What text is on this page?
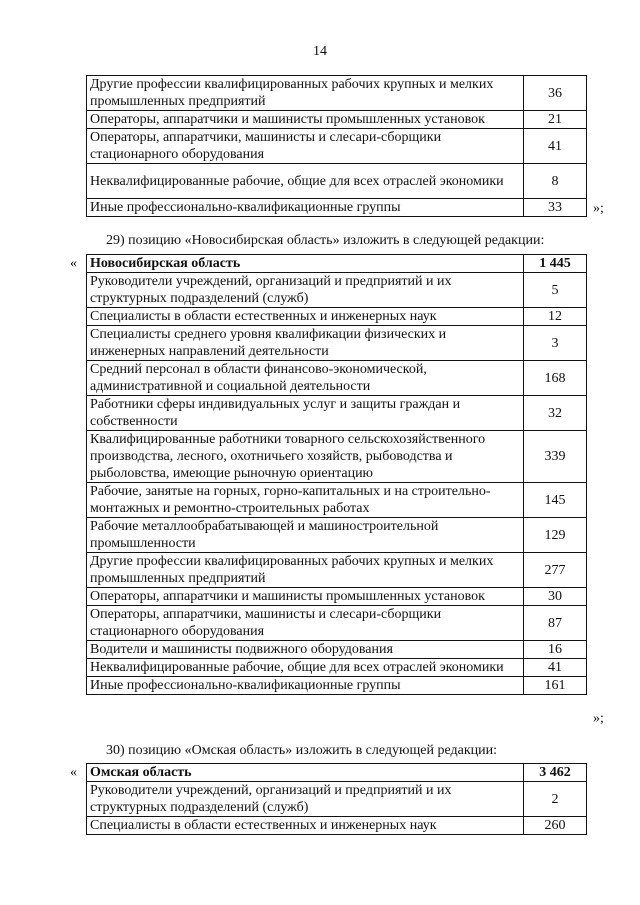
14
Другие профессии квалифицированных рабочих крупных и мелких промышленных предприятий	36
Операторы, аппаратчики и машинисты промышленных установок	21
Операторы, аппаратчики, машинисты и слесари-сборщики стационарного оборудования	41
Неквалифицированные рабочие, общие для всех отраслей экономики	8
Иные профессионально-квалификационные группы	33 »;
29) позицию «Новосибирская область» изложить в следующей редакции:
« Новосибирская область	1 445
Руководители учреждений, организаций и предприятий и их структурных подразделений (служб)	5
Специалисты в области естественных и инженерных наук	12
Специалисты среднего уровня квалификации физических и инженерных направлений деятельности	3
Средний персонал в области финансово-экономической, административной и социальной деятельности	168
Работники сферы индивидуальных услуг и защиты граждан и собственности	32
Квалифицированные работники товарного сельскохозяйственного производства, лесного, охотничьего хозяйств, рыбоводства и рыболовства, имеющие рыночную ориентацию	339
Рабочие, занятые на горных, горно-капитальных и на строительно-монтажных и ремонтно-строительных работах	145
Рабочие металлообрабатывающей и машиностроительной промышленности	129
Другие профессии квалифицированных рабочих крупных и мелких промышленных предприятий	277
Операторы, аппаратчики и машинисты промышленных установок	30
Операторы, аппаратчики, машинисты и слесари-сборщики стационарного оборудования	87
Водители и машинисты подвижного оборудования	16
Неквалифицированные рабочие, общие для всех отраслей экономики	41
Иные профессионально-квалификационные группы	161
»;
30) позицию «Омская область» изложить в следующей редакции:
« Омская область	3 462
Руководители учреждений, организаций и предприятий и их структурных подразделений (служб)	2
Специалисты в области естественных и инженерных наук	260
